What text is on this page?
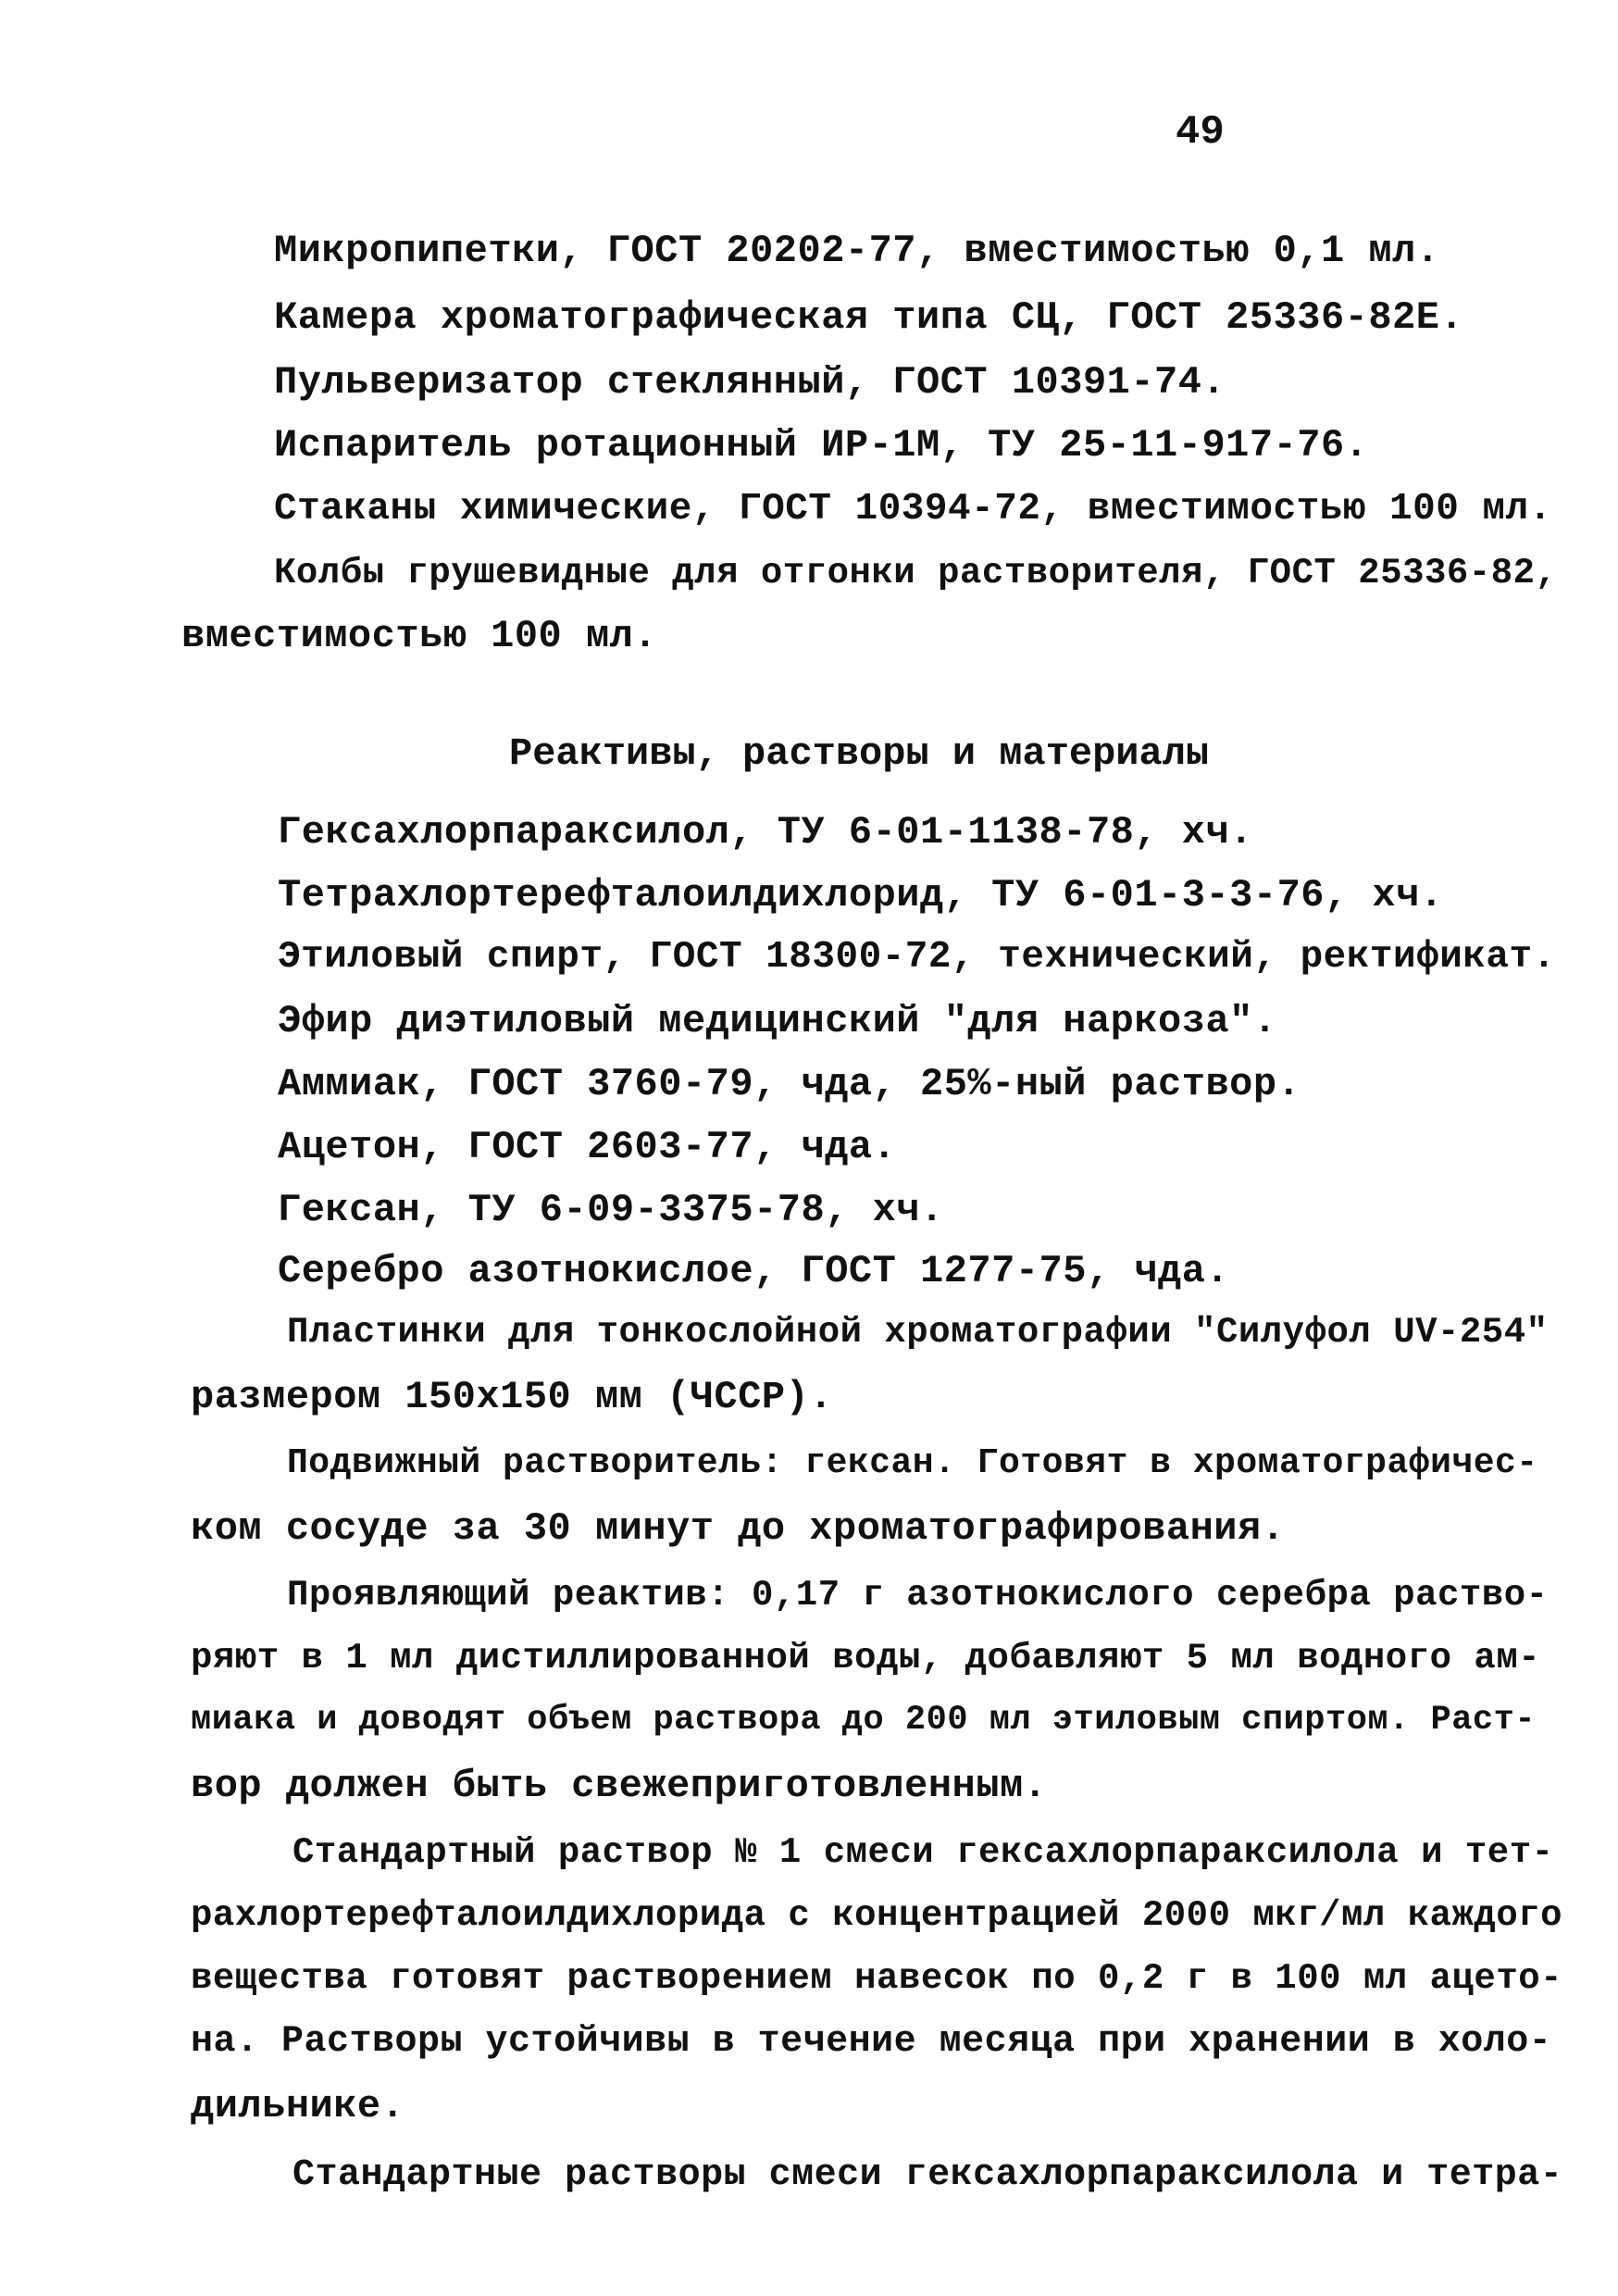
49
Микропипетки, ГОСТ 20202-77, вместимостью 0,1 мл.
Камера хроматографическая типа СЦ, ГОСТ 25336-82Е.
Пульверизатор стеклянный, ГОСТ 10391-74.
Испаритель ротационный ИР-1М, ТУ 25-11-917-76.
Стаканы химические, ГОСТ 10394-72, вместимостью 100 мл.
Колбы грушевидные для отгонки растворителя, ГОСТ 25336-82,
вместимостью 100 мл.
Реактивы, растворы и материалы
Гексахлорпараксилол, ТУ 6-01-1138-78, хч.
Тетрахлортерефталоилдихлорид, ТУ 6-01-3-3-76, хч.
Этиловый спирт, ГОСТ 18300-72, технический, ректификат.
Эфир диэтиловый медицинский "для наркоза".
Аммиак, ГОСТ 3760-79, чда, 25%-ный раствор.
Ацетон, ГОСТ 2603-77, чда.
Гексан, ТУ 6-09-3375-78, хч.
Серебро азотнокислое, ГОСТ 1277-75, чда.
Пластинки для тонкослойной хроматографии "Силуфол UV-254"
размером 150х150 мм (ЧССР).
Подвижный растворитель: гексан. Готовят в хроматографичес-
ком сосуде за 30 минут до хроматографирования.
Проявляющий реактив: 0,17 г азотнокислого серебра раство-
ряют в 1 мл дистиллированной воды, добавляют 5 мл водного ам-
миака и доводят объем раствора до 200 мл этиловым спиртом. Раст-
вор должен быть свежеприготовленным.
Стандартный раствор № 1 смеси гексахлорпараксилола и тет-
рахлортерефталоилдихлорида с концентрацией 2000 мкг/мл каждого
вещества готовят растворением навесок по 0,2 г в 100 мл ацето-
на. Растворы устойчивы в течение месяца при хранении в холо-
дильнике.
Стандартные растворы смеси гексахлорпараксилола и тетра-
